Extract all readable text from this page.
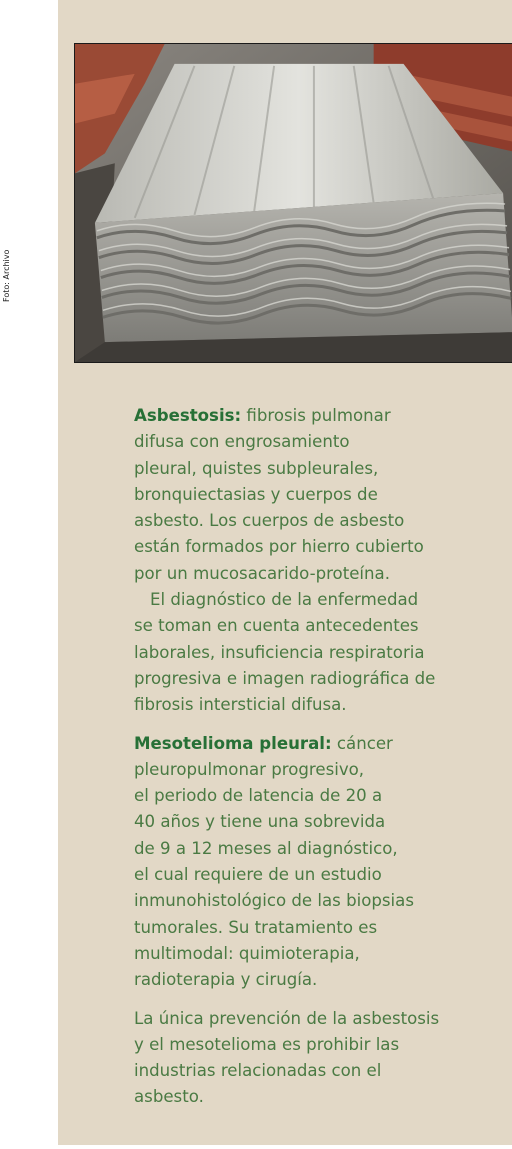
Foto: Archivo

Asbestosis: fibrosis pulmonar
difusa con engrosamiento
pleural, quistes subpleurales,
bronquiectasias y cuerpos de
asbesto. Los cuerpos de asbesto
están formados por hierro cubierto
por un mucosacarido-proteína.
El diagnóstico de la enfermedad
se toman en cuenta antecedentes
laborales, insuficiencia respiratoria
progresiva e imagen radiográfica de
fibrosis intersticial difusa.

Mesotelioma pleural: cáncer
pleuropulmonar progresivo,
el periodo de latencia de 20 a
40 años y tiene una sobrevida
de 9 a 12 meses al diagnóstico,
el cual requiere de un estudio
inmunohistológico de las biopsias
tumorales. Su tratamiento es
multimodal: quimioterapia,
radioterapia y cirugía.

La única prevención de la asbestosis
y el mesotelioma es prohibir las
industrias relacionadas con el
asbesto.
